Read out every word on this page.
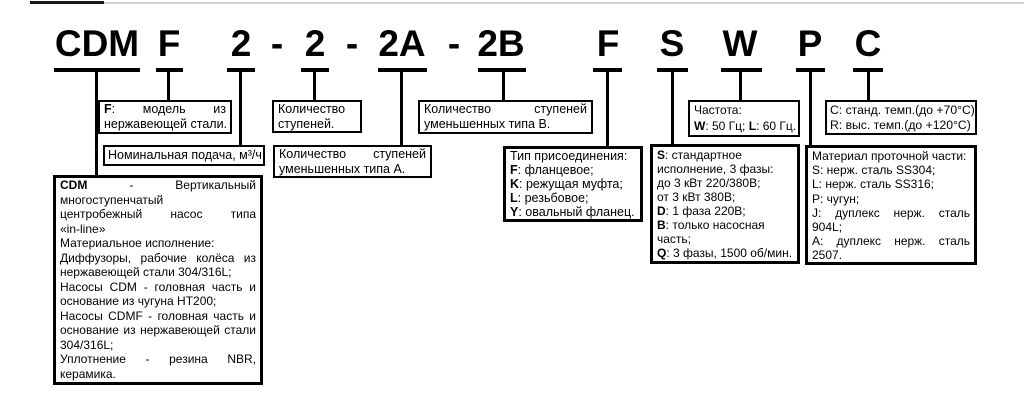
CDM F 2 - 2 - 2A - 2B F S W P C
F: модель из
нержавеющей стали.
Количество
ступеней.
Количество ступеней
уменьшенных типа В.
Номинальная подача, м³/ч. Количество ступеней
уменьшенных типа А.
Тип присоединения:
F: фланцевое;
K: режущая муфта;
L: резьбовое;
Y: овальный фланец.
Частота:
W: 50 Гц; L: 60 Гц.
C: станд. темп.(до +70°C)
R: выс. темп.(до +120°C)
S: стандартное
исполнение, 3 фазы:
до 3 кВт 220/380В;
от 3 кВт 380В;
D: 1 фаза 220В;
B: только насосная
часть;
Q: 3 фазы, 1500 об/мин.
Материал проточной части:
S: нерж. сталь SS304;
L: нерж. сталь SS316;
P: чугун;
J: дуплекс нерж. сталь
904L;
A: дуплекс нерж. сталь
2507.
CDM - Вертикальный
многоступенчатый
центробежный насос типа
«in-line»
Материальное исполнение:
Диффузоры, рабочие колёса из
нержавеющей стали 304/316L;
Насосы CDM - головная часть и
основание из чугуна HT200;
Насосы CDMF - головная часть и
основание из нержавеющей стали
304/316L;
Уплотнение - резина NBR,
керамика.
